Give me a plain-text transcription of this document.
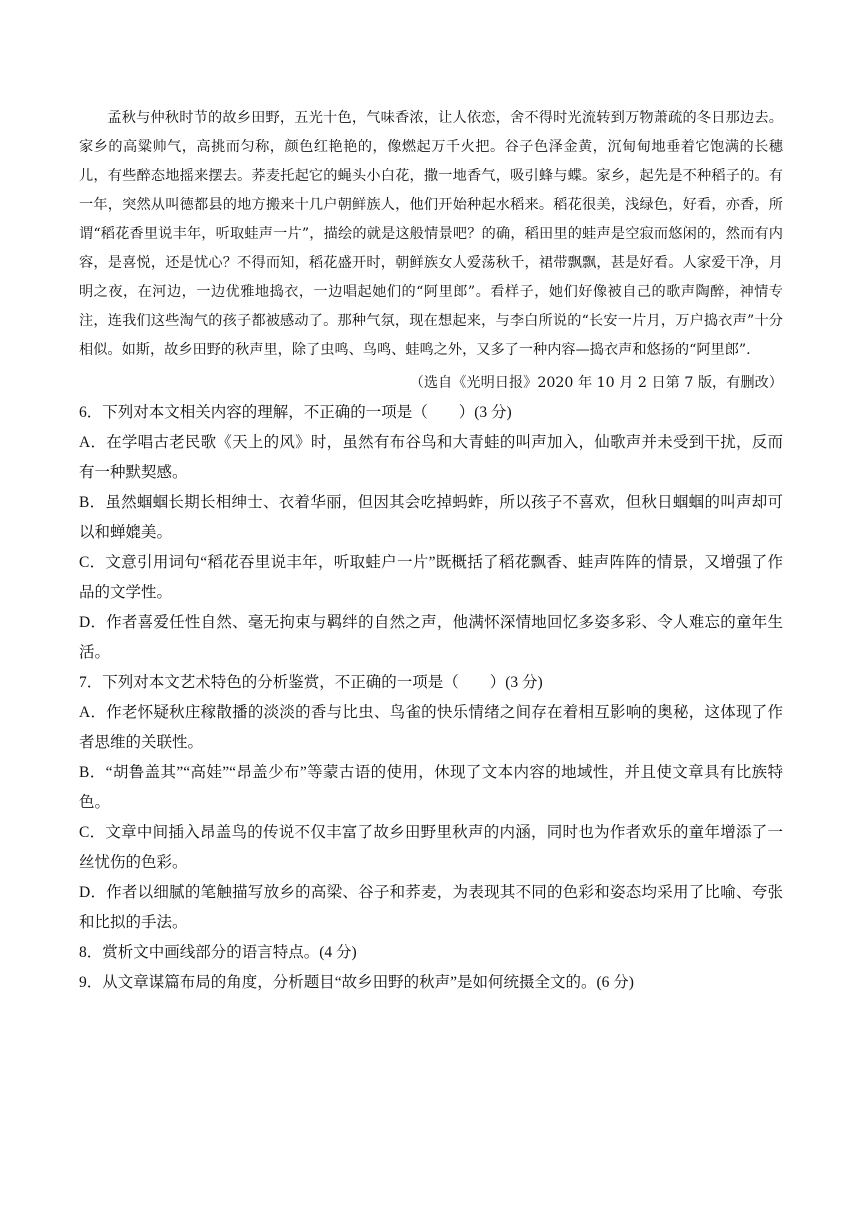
孟秋与仲秋时节的故乡田野，五光十色，气味香浓，让人依恋，舍不得时光流转到万物萧疏的冬日那边去。家乡的高粱帅气，高挑而匀称，颜色红艳艳的，像燃起万千火把。谷子色泽金黄，沉甸甸地垂着它饱满的长穗儿，有些醉态地摇来摆去。荞麦托起它的蝇头小白花，撒一地香气，吸引蜂与蝶。家乡，起先是不种稻子的。有一年，突然从叫德都县的地方搬来十几户朝鲜族人，他们开始种起水稻来。稻花很美，浅绿色，好看，亦香，所谓“稻花香里说丰年，听取蛙声一片”，描绘的就是这般情景吧？的确，稻田里的蛙声是空寂而悠闲的，然而有内容，是喜悦，还是忧心？不得而知，稻花盛开时，朝鲜族女人爱荡秋千，裙带飘飘，甚是好看。人家爱干净，月明之夜，在河边，一边优雅地捣衣，一边唱起她们的“阿里郎”。看样子，她们好像被自己的歌声陶醉，神情专注，连我们这些淘气的孩子都被感动了。那种气氛，现在想起来，与李白所说的“长安一片月，万户捣衣声”十分相似。如斯，故乡田野的秋声里，除了虫鸣、鸟鸣、蛙鸣之外，又多了一种内容—捣衣声和悠扬的“阿里郎”.

（选自《光明日报》2020 年 10 月 2 日第 7 版，有删改）
6．下列对本文相关内容的理解，不正确的一项是（　　）(3 分)
A．在学唱古老民歌《天上的风》时，虽然有布谷鸟和大青蛙的叫声加入，仙歌声并未受到干扰，反而有一种默契感。
B．虽然蝈蝈长期长相绅士、衣着华丽，但因其会吃掉蚂蚱，所以孩子不喜欢，但秋日蝈蝈的叫声却可以和蝉媲美。
C．文意引用词句“稻花吞里说丰年，听取蛙户一片”既概括了稻花飘香、蛙声阵阵的情景，又增强了作品的文学性。
D．作者喜爱任性自然、毫无拘束与羁绊的自然之声，他满怀深情地回忆多姿多彩、令人难忘的童年生活。
7．下列对本文艺术特色的分析鉴赏，不正确的一项是（　　）(3 分)
A．作老怀疑秋庄稼散播的淡淡的香与比虫、鸟雀的快乐情绪之间存在着相互影响的奥秘，这体现了作者思维的关联性。
B．“胡鲁盖其”“高娃”“昂盖少布”等蒙古语的使用，休现了文本内容的地域性，并且使文章具有比族特色。
C．文章中间插入昂盖鸟的传说不仅丰富了故乡田野里秋声的内涵，同时也为作者欢乐的童年增添了一丝忧伤的色彩。
D．作者以细腻的笔触描写放乡的高梁、谷子和荞麦，为表现其不同的色彩和姿态均采用了比喻、夸张和比拟的手法。
8．赏析文中画线部分的语言特点。(4 分)
9．从文章谋篇布局的角度，分析题目“故乡田野的秋声”是如何统摄全文的。(6 分)
